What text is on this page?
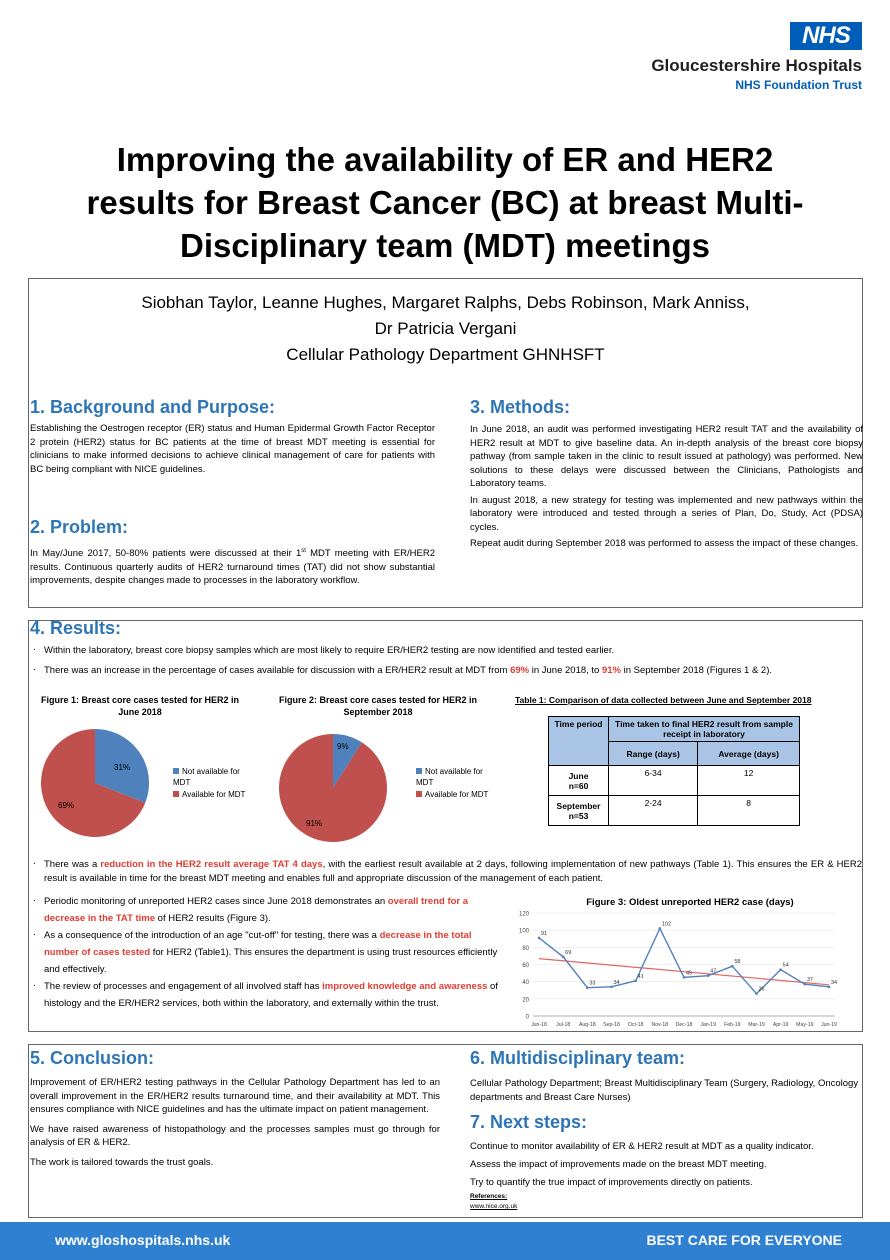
NHS
Gloucestershire Hospitals
NHS Foundation Trust
Improving the availability of ER and HER2
results for Breast Cancer (BC) at breast Multi-
Disciplinary team (MDT) meetings
Siobhan Taylor, Leanne Hughes, Margaret Ralphs, Debs Robinson, Mark Anniss,
Dr Patricia Vergani
Cellular Pathology Department GHNHSFT
1. Background and Purpose:
Establishing the Oestrogen receptor (ER) status and Human Epidermal Growth Factor Receptor 2 protein (HER2) status for BC patients at the time of breast MDT meeting is essential for clinicians to make informed decisions to achieve clinical management of care for patients with BC being compliant with NICE guidelines.
2. Problem:
In May/June 2017, 50-80% patients were discussed at their 1st MDT meeting with ER/HER2 results. Continuous quarterly audits of HER2 turnaround times (TAT) did not show substantial improvements, despite changes made to processes in the laboratory workflow.
3. Methods:
In June 2018, an audit was performed investigating HER2 result TAT and the availability of HER2 result at MDT to give baseline data. An in-depth analysis of the breast core biopsy pathway (from sample taken in the clinic to result issued at pathology) was performed. New solutions to these delays were discussed between the Clinicians, Pathologists and Laboratory teams.
In august 2018, a new strategy for testing was implemented and new pathways within the laboratory were introduced and tested through a series of Plan, Do, Study, Act (PDSA) cycles.
Repeat audit during September 2018 was performed to assess the impact of these changes.
4. Results:
. Within the laboratory, breast core biopsy samples which are most likely to require ER/HER2 testing are now identified and tested earlier.
. There was an increase in the percentage of cases available for discussion with a ER/HER2 result at MDT from 69% in June 2018, to 91% in September 2018 (Figures 1 & 2).
Figure 1: Breast core cases tested for HER2 in June 2018
31%
69%
Not available for MDT
Available for MDT
Figure 2: Breast core cases tested for HER2 in September 2018
9%
91%
Not available for MDT
Available for MDT
Table 1: Comparison of data collected between June and September 2018
Time period	Time taken to final HER2 result from sample receipt in laboratory	
	Range (days)	Average (days)

June
n=60	6-34	12

September
n=53	2-24	8
. There was a reduction in the HER2 result average TAT 4 days, with the earliest result available at 2 days, following implementation of new pathways (Table 1). This ensures the ER & HER2 result is available in time for the breast MDT meeting and enables full and appropriate discussion of the management of each patient.
. Periodic monitoring of unreported HER2 cases since June 2018 demonstrates an overall trend for a decrease in the TAT time of HER2 results (Figure 3).
. As a consequence of the introduction of an age "cut-off" for testing, there was a decrease in the total number of cases tested for HER2 (Table1). This ensures the department is using trust resources efficiently and effectively.
. The review of processes and engagement of all involved staff has improved knowledge and awareness of histology and the ER/HER2 services, both within the laboratory, and externally within the trust.
Figure 3: Oldest unreported HER2 case (days)
0
20
40
60
80
100
120
Jun-18 Jul-18 Aug-18 Sep-18 Oct-18 Nov-18 Dec-18 Jan-19 Feb-19 Mar-19 Apr-19 May-19 Jun-19
91
69
33	34
41
102
45	47
58
26
54
37	34
5. Conclusion:
Improvement of ER/HER2 testing pathways in the Cellular Pathology Department has led to an overall improvement in the ER/HER2 results turnaround time, and their availability at MDT. This ensures compliance with NICE guidelines and has the ultimate impact on patient management.
We have raised awareness of histopathology and the processes samples must go through for analysis of ER & HER2.
The work is tailored towards the trust goals.
6. Multidisciplinary team:
Cellular Pathology Department; Breast Multidisciplinary Team (Surgery, Radiology, Oncology departments and Breast Care Nurses)
7. Next steps:
Continue to monitor availability of ER & HER2 result at MDT as a quality indicator.
Assess the impact of improvements made on the breast MDT meeting.
Try to quantify the true impact of improvements directly on patients.
References:
www.nice.org.uk
www.gloshospitals.nhs.uk	BEST CARE FOR EVERYONE
